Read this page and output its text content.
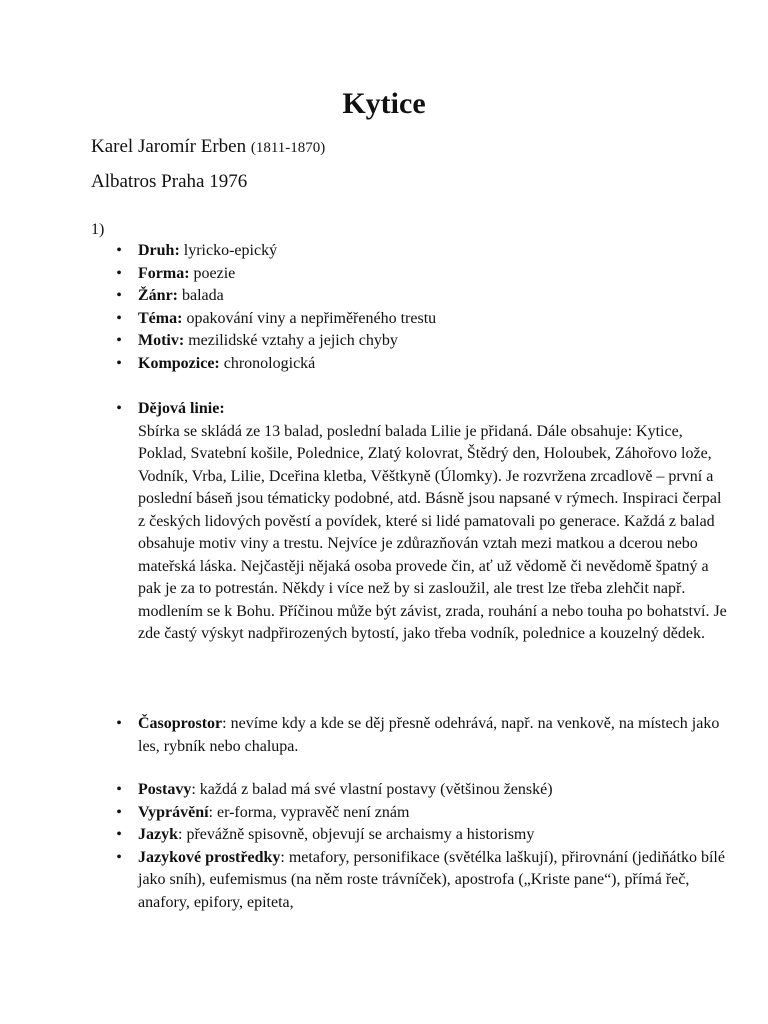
Kytice
Karel Jaromír Erben (1811-1870)
Albatros Praha 1976
1)
• Druh: lyricko-epický
• Forma: poezie
• Žánr: balada
• Téma: opakování viny a nepřiměřeného trestu
• Motiv: mezilidské vztahy a jejich chyby
• Kompozice: chronologická
• Dějová linie:
Sbírka se skládá ze 13 balad, poslední balada Lilie je přidaná. Dále obsahuje: Kytice, Poklad, Svatební košile, Polednice, Zlatý kolovrat, Štědrý den, Holoubek, Záhořovo lože, Vodník, Vrba, Lilie, Dceřina kletba, Věštkyně (Úlomky). Je rozvržena zrcadlově – první a poslední báseň jsou tématicky podobné, atd. Básně jsou napsané v rýmech. Inspiraci čerpal z českých lidových pověstí a povídek, které si lidé pamatovali po generace. Každá z balad obsahuje motiv viny a trestu. Nejvíce je zdůrazňován vztah mezi matkou a dcerou nebo mateřská láska. Nejčastěji nějaká osoba provede čin, ať už vědomě či nevědomě špatný a pak je za to potrestán. Někdy i více než by si zasloužil, ale trest lze třeba zlehčit např. modlením se k Bohu. Příčinou může být závist, zrada, rouhání a nebo touha po bohatství. Je zde častý výskyt nadpřirozených bytostí, jako třeba vodník, polednice a kouzelný dědek.
• Časoprostor: nevíme kdy a kde se děj přesně odehrává, např. na venkově, na místech jako les, rybník nebo chalupa.
• Postavy: každá z balad má své vlastní postavy (většinou ženské)
• Vyprávění: er-forma, vypravěč není znám
• Jazyk: převážně spisovně, objevují se archaismy a historismy
• Jazykové prostředky: metafory, personifikace (světélka laškují), přirovnání (jediňátko bílé jako sníh), eufemismus (na něm roste trávníček), apostrofa („Kriste pane“), přímá řeč, anafory, epifory, epiteta,
